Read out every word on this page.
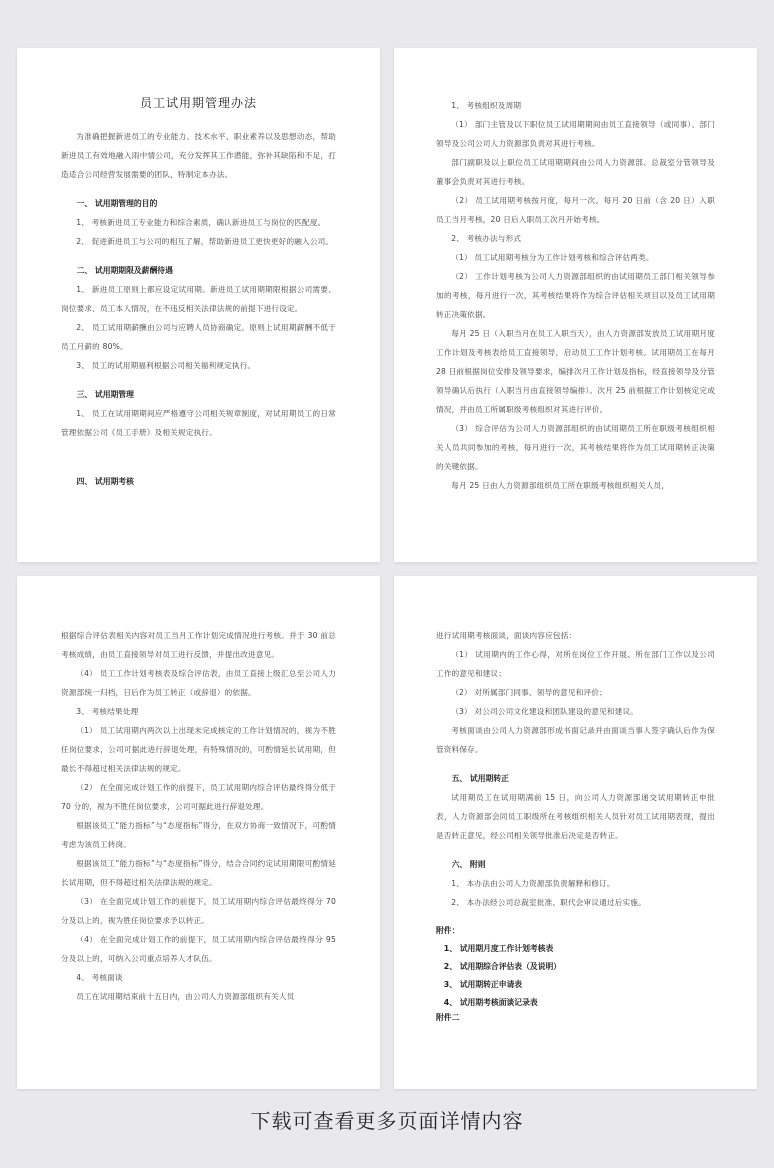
员工试用期管理办法
为准确把握新进员工的专业能力、技术水平、职业素养以及思想动态，帮助新进员工有效地融入雨中情公司，充分发挥其工作潜能，弥补其缺陷和不足，打造适合公司经营发展需要的团队，特制定本办法。
一、 试用期管理的目的
1、 考核新进员工专业能力和综合素质，确认新进员工与岗位的匹配度。
2、 促进新进员工与公司的相互了解，帮助新进员工更快更好的融入公司。
二、 试用期期限及薪酬待遇
1、 新进员工原则上都应设定试用期。新进员工试用期期限根据公司需要、岗位要求、员工本人情况，在不违反相关法律法规的前提下进行设定。
2、 员工试用期薪酬由公司与应聘人员协商确定。原则上试用期薪酬不低于员工月薪的 80%。
3、 员工的试用期福利根据公司相关福利规定执行。
三、 试用期管理
1、 员工在试用期期间应严格遵守公司相关规章制度，对试用期员工的日常管理依据公司《员工手册》及相关规定执行。
四、 试用期考核
1、 考核组织及周期
（1） 部门主管及以下职位员工试用期期间由员工直接领导（或同事）、部门领导及公司公司人力资源部负责对其进行考核。
部门副职及以上职位员工试用期期间由公司人力资源部、总裁室分管领导及董事会负责对其进行考核。
（2） 员工试用期考核按月度，每月一次。每月 20 日前（含 20 日）入职员工当月考核，20 日后入职员工次月开始考核。
2、 考核办法与形式
（1） 员工试用期考核分为工作计划考核和综合评估两类。
（2） 工作计划考核为公司人力资源部组织的由试用期员工部门相关领导参加的考核，每月进行一次，其考核结果将作为综合评估相关项目以及员工试用期转正决策依据。
每月 25 日（入职当月在员工入职当天），由人力资源部发放员工试用期月度工作计划及考核表给员工直接领导，启动员工工作计划考核。试用期员工在每月 28 日前根据岗位安排及领导要求，编排次月工作计划及指标，经直接领导及分管领导确认后执行（入职当月由直接领导编排）。次月 25 前根据工作计划核定完成情况，并由员工所属职级考核组织对其进行评价。
（3） 综合评估为公司人力资源部组织的由试用期员工所在职级考核组织相关人员共同参加的考核，每月进行一次，其考核结果将作为员工试用期转正决策的关键依据。
每月 25 日由人力资源部组织员工所在职级考核组织相关人员，
根据综合评估表相关内容对员工当月工作计划完成情况进行考核。并于 30 前总考核成绩，由员工直接领导对员工进行反馈，并提出改进意见。
（4） 员工工作计划考核表及综合评估表，由员工直接上级汇总至公司人力资源部统一归档，日后作为员工转正（或辞退）的依据。
3、 考核结果处理
（1） 员工试用期内两次以上出现未完成核定的工作计划情况的，视为不胜任岗位要求，公司可据此进行辞退处理，有特殊情况的，可酌情延长试用期，但最长不得超过相关法律法规的规定。
（2） 在全面完成计划工作的前提下，员工试用期内综合评估最终得分低于 70 分的，视为不胜任岗位要求，公司可据此进行辞退处理。
根据该员工“能力指标”与“态度指标”得分，在双方协商一致情况下，可酌情考虑为该员工转岗。
根据该员工“能力指标”与“态度指标”得分，结合合同约定试用期限可酌情延长试用期，但不得超过相关法律法规的规定。
（3） 在全面完成计划工作的前提下，员工试用期内综合评估最终得分 70 分及以上的，视为胜任岗位要求予以转正。
（4） 在全面完成计划工作的前提下，员工试用期内综合评估最终得分 95 分及以上的，可纳入公司重点培养人才队伍。
4、 考核面谈
员工在试用期结束前十五日内，由公司人力资源部组织有关人员
进行试用期考核面谈，面谈内容应包括：
（1） 试用期内的工作心得，对所在岗位工作开展、所在部门工作以及公司工作的意见和建议；
（2） 对所属部门同事、领导的意见和评价；
（3） 对公司公司文化建设和团队建设的意见和建议。
考核面谈由公司人力资源部形成书面记录并由面谈当事人签字确认后作为保管资料保存。
五、 试用期转正
试用期员工在试用期满前 15 日，向公司人力资源部递交试用期转正申批表，人力资源部会同员工职级所在考核组织相关人员针对员工试用期表现，提出是否转正意见，经公司相关领导批准后决定是否转正。
六、 附则
1、 本办法由公司人力资源部负责解释和修订。
2、 本办法经公司总裁室批准、职代会审议通过后实施。
附件：
1、 试用期月度工作计划考核表
2、 试用期综合评估表（及说明）
3、 试用期转正申请表
4、 试用期考核面谈记录表
附件二
下载可查看更多页面详情内容
